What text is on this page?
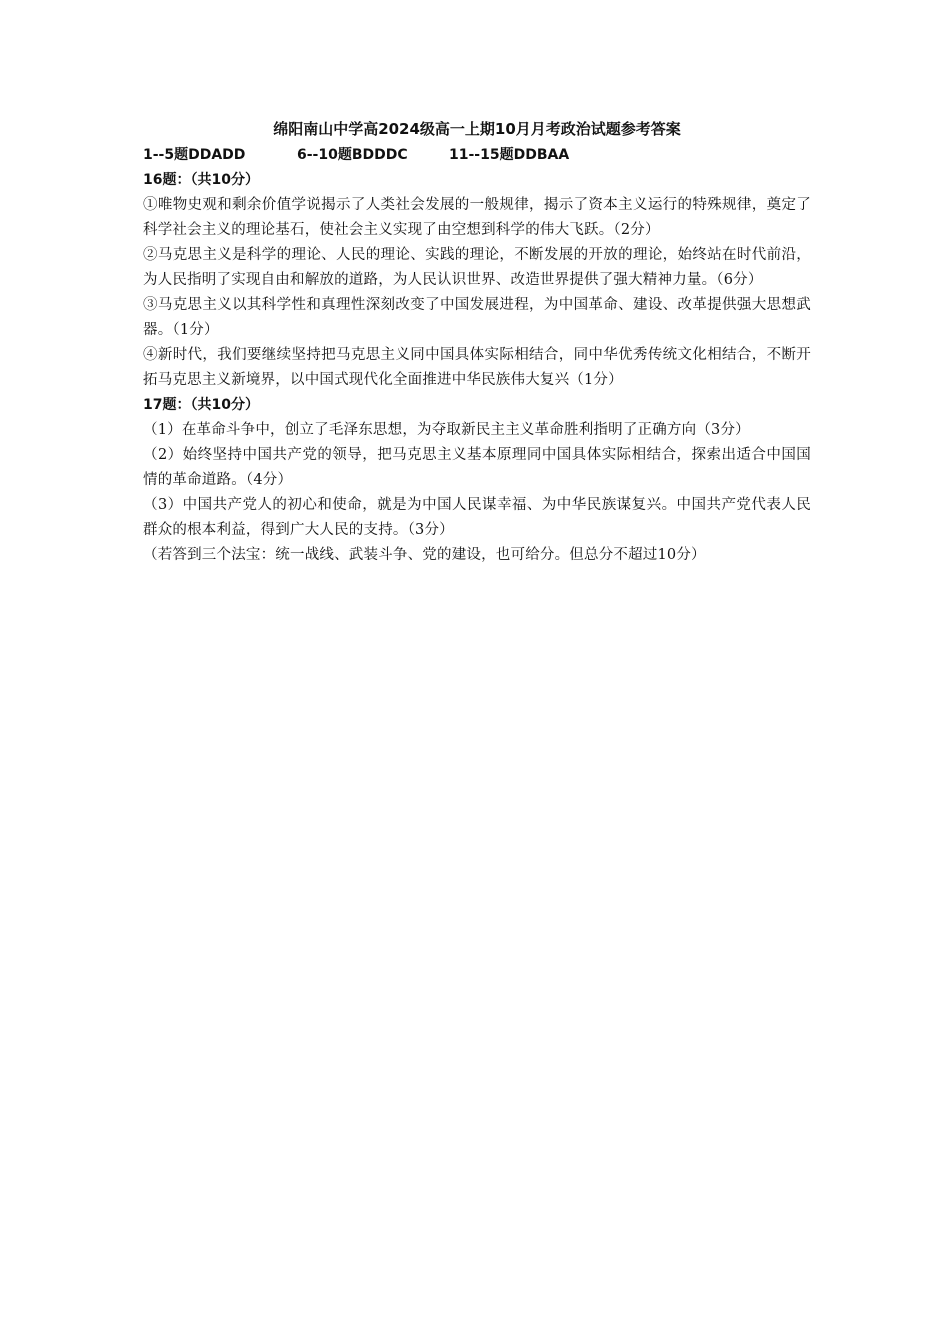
绵阳南山中学高2024级高一上期10月月考政治试题参考答案
1--5题DDADD	6--10题BDDDC	11--15题DDBAA
16题：（共10分）

①唯物史观和剩余价值学说揭示了人类社会发展的一般规律，揭示了资本主义运行的特殊规律，奠定了科学社会主义的理论基石，使社会主义实现了由空想到科学的伟大飞跃。（2分）

②马克思主义是科学的理论、人民的理论、实践的理论，不断发展的开放的理论，始终站在时代前沿，为人民指明了实现自由和解放的道路，为人民认识世界、改造世界提供了强大精神力量。（6分）

③马克思主义以其科学性和真理性深刻改变了中国发展进程，为中国革命、建设、改革提供强大思想武器。（1分）

④新时代，我们要继续坚持把马克思主义同中国具体实际相结合，同中华优秀传统文化相结合，不断开拓马克思主义新境界，以中国式现代化全面推进中华民族伟大复兴（1分）

17题：（共10分）

（1）在革命斗争中，创立了毛泽东思想，为夺取新民主主义革命胜利指明了正确方向（3分）

（2）始终坚持中国共产党的领导，把马克思主义基本原理同中国具体实际相结合，探索出适合中国国情的革命道路。（4分）

（3）中国共产党人的初心和使命，就是为中国人民谋幸福、为中华民族谋复兴。中国共产党代表人民群众的根本利益，得到广大人民的支持。（3分）

（若答到三个法宝：统一战线、武装斗争、党的建设，也可给分。但总分不超过10分）
